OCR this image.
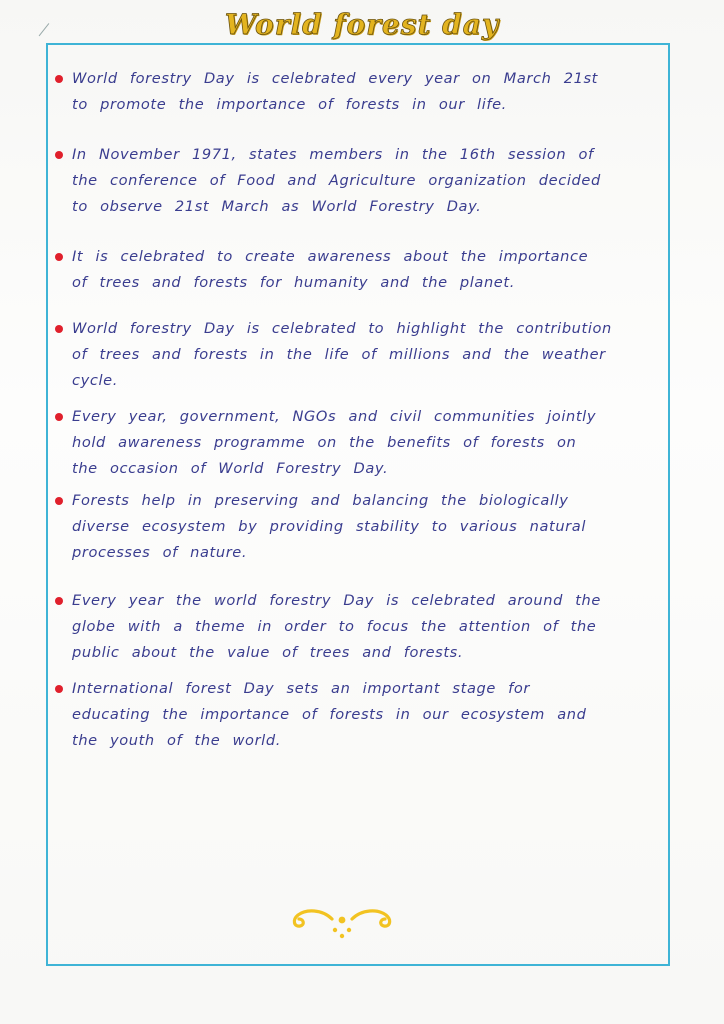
World forest day
World forestry Day is celebrated every year on March 21st to promote the importance of forests in our life.
In November 1971, states members in the 16th session of the conference of Food and Agriculture organization decided to observe 21st March as World Forestry Day.
It is celebrated to create awareness about the importance of trees and forests for humanity and the planet.
World forestry Day is celebrated to highlight the contribution of trees and forests in the life of millions and the weather cycle.
Every year, government, NGOs and civil communities jointly hold awareness programme on the benefits of forests on the occasion of World Forestry Day.
Forests help in preserving and balancing the biologically diverse ecosystem by providing stability to various natural processes of nature.
Every year the world forestry Day is celebrated around the globe with a theme in order to focus the attention of the public about the value of trees and forests.
International forest Day sets an important stage for educating the importance of forests in our ecosystem and the youth of the world.
